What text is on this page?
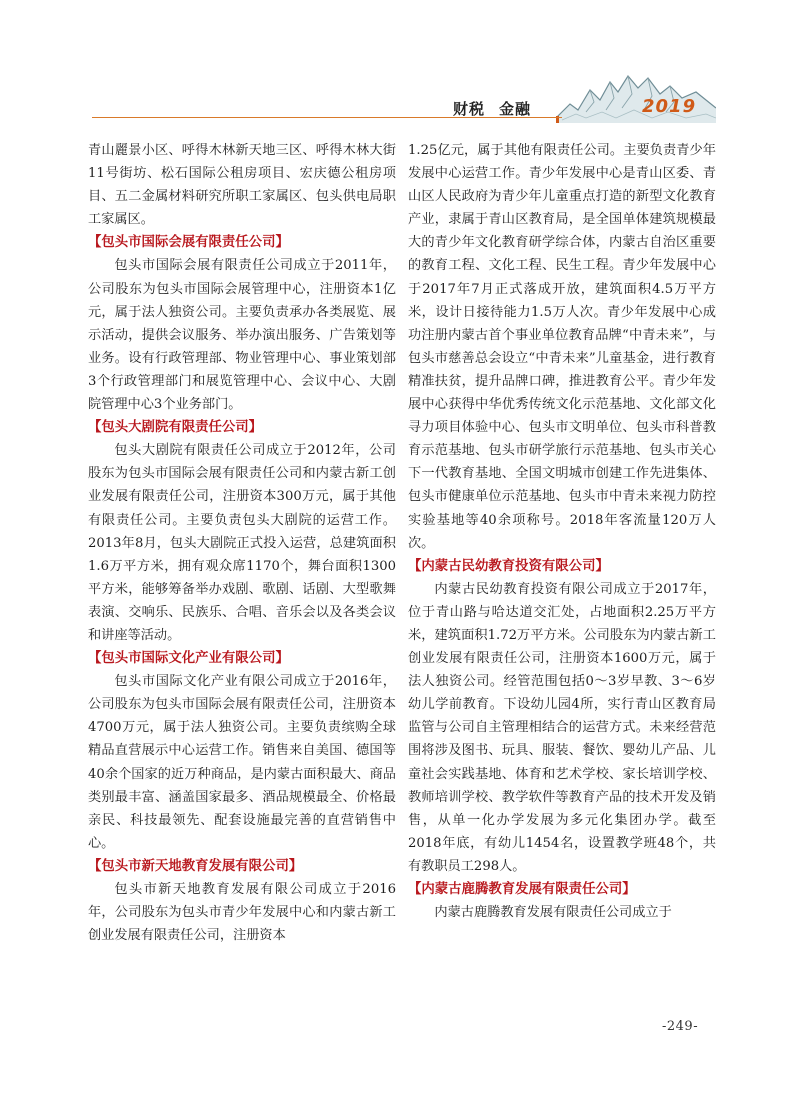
财税 金融	2019

青山麗景小区、呼得木林新天地三区、呼得木林大街11号街坊、松石国际公租房项目、宏庆德公租房项目、五二金属材料研究所职工家属区、包头供电局职工家属区。

【包头市国际会展有限责任公司】

包头市国际会展有限责任公司成立于2011年，公司股东为包头市国际会展管理中心，注册资本1亿元，属于法人独资公司。主要负责承办各类展览、展示活动，提供会议服务、举办演出服务、广告策划等业务。设有行政管理部、物业管理中心、事业策划部3个行政管理部门和展览管理中心、会议中心、大剧院管理中心3个业务部门。

【包头大剧院有限责任公司】

包头大剧院有限责任公司成立于2012年，公司股东为包头市国际会展有限责任公司和内蒙古新工创业发展有限责任公司，注册资本300万元，属于其他有限责任公司。主要负责包头大剧院的运营工作。2013年8月，包头大剧院正式投入运营，总建筑面积1.6万平方米，拥有观众席1170个，舞台面积1300平方米，能够筹备举办戏剧、歌剧、话剧、大型歌舞表演、交响乐、民族乐、合唱、音乐会以及各类会议和讲座等活动。

【包头市国际文化产业有限公司】

包头市国际文化产业有限公司成立于2016年，公司股东为包头市国际会展有限责任公司，注册资本4700万元，属于法人独资公司。主要负责缤购全球精品直营展示中心运营工作。销售来自美国、德国等40余个国家的近万种商品，是内蒙古面积最大、商品类别最丰富、涵盖国家最多、酒品规模最全、价格最亲民、科技最领先、配套设施最完善的直营销售中心。

【包头市新天地教育发展有限公司】

包头市新天地教育发展有限公司成立于2016年，公司股东为包头市青少年发展中心和内蒙古新工创业发展有限责任公司，注册资本

1.25亿元，属于其他有限责任公司。主要负责青少年发展中心运营工作。青少年发展中心是青山区委、青山区人民政府为青少年儿童重点打造的新型文化教育产业，隶属于青山区教育局，是全国单体建筑规模最大的青少年文化教育研学综合体，内蒙古自治区重要的教育工程、文化工程、民生工程。青少年发展中心于2017年7月正式落成开放，建筑面积4.5万平方米，设计日接待能力1.5万人次。青少年发展中心成功注册内蒙古首个事业单位教育品牌“中青未来”，与包头市慈善总会设立“中青未来”儿童基金，进行教育精准扶贫，提升品牌口碑，推进教育公平。青少年发展中心获得中华优秀传统文化示范基地、文化部文化寻力项目体验中心、包头市文明单位、包头市科普教育示范基地、包头市研学旅行示范基地、包头市关心下一代教育基地、全国文明城市创建工作先进集体、包头市健康单位示范基地、包头市中青未来视力防控实验基地等40余项称号。2018年客流量120万人次。

【内蒙古民幼教育投资有限公司】

内蒙古民幼教育投资有限公司成立于2017年，位于青山路与哈达道交汇处，占地面积2.25万平方米，建筑面积1.72万平方米。公司股东为内蒙古新工创业发展有限责任公司，注册资本1600万元，属于法人独资公司。经管范围包括0～3岁早教、3～6岁幼儿学前教育。下设幼儿园4所，实行青山区教育局监管与公司自主管理相结合的运营方式。未来经营范围将涉及图书、玩具、服装、餐饮、婴幼儿产品、儿童社会实践基地、体育和艺术学校、家长培训学校、教师培训学校、教学软件等教育产品的技术开发及销售，从单一化办学发展为多元化集团办学。截至2018年底，有幼儿1454名，设置教学班48个，共有教职员工298人。

【内蒙古鹿腾教育发展有限责任公司】

内蒙古鹿腾教育发展有限责任公司成立于

-249-
